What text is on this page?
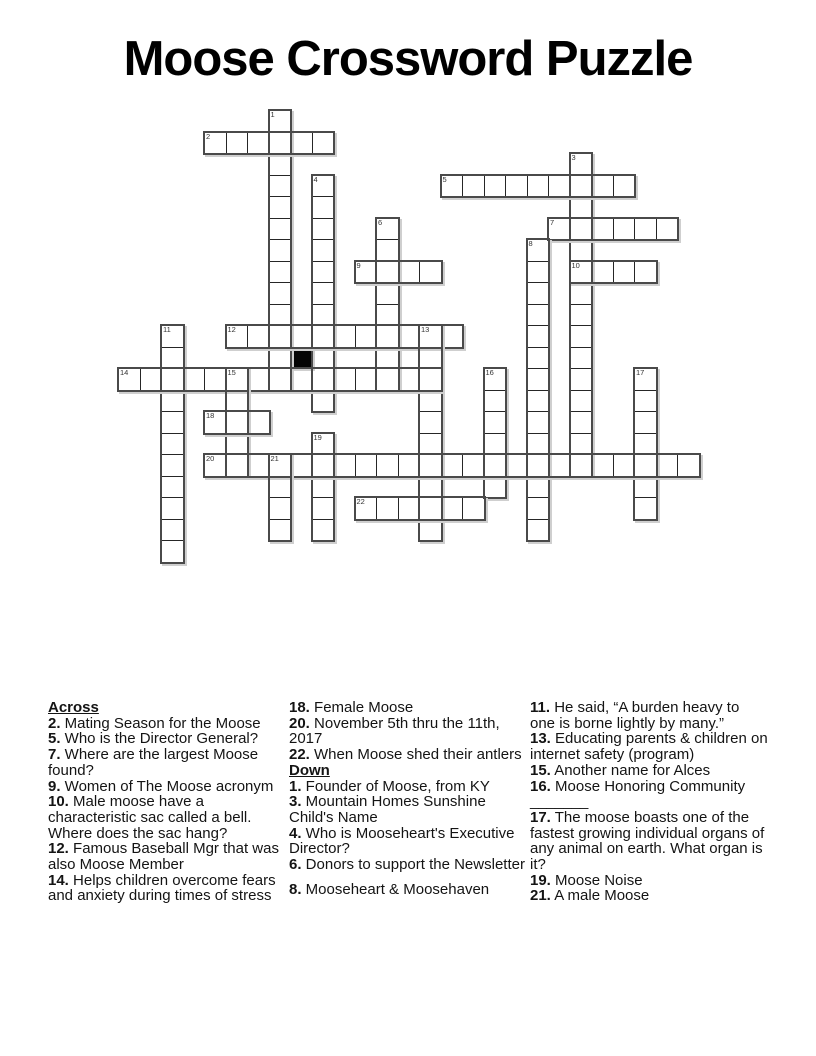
Moose Crossword Puzzle
1
2
3
10
4	5
6	7
8
9
11	12	13
14	15	16	17
18
19
20	21
22

Across

2. Mating Season for the Moose

5. Who is the Director General?

7. Where are the largest Moose found?

9. Women of The Moose acronym

10. Male moose have a characteristic sac called a bell. Where does the sac hang?

12. Famous Baseball Mgr that was also Moose Member

14. Helps children overcome fears and anxiety during times of stress

18. Female Moose

20. November 5th thru the 11th, 2017

22. When Moose shed their antlers

Down

1. Founder of Moose, from KY

3. Mountain Homes Sunshine Child's Name

4. Who is Mooseheart's Executive Director?

6. Donors to support the Newsletter

8. Mooseheart & Moosehaven

11. He said, “A burden heavy to one is borne lightly by many.”

13. Educating parents & children on internet safety (program)

15. Another name for Alces

16. Moose Honoring Community _______

17. The moose boasts one of the fastest growing individual organs of any animal on earth. What organ is it?

19. Moose Noise

21. A male Moose
